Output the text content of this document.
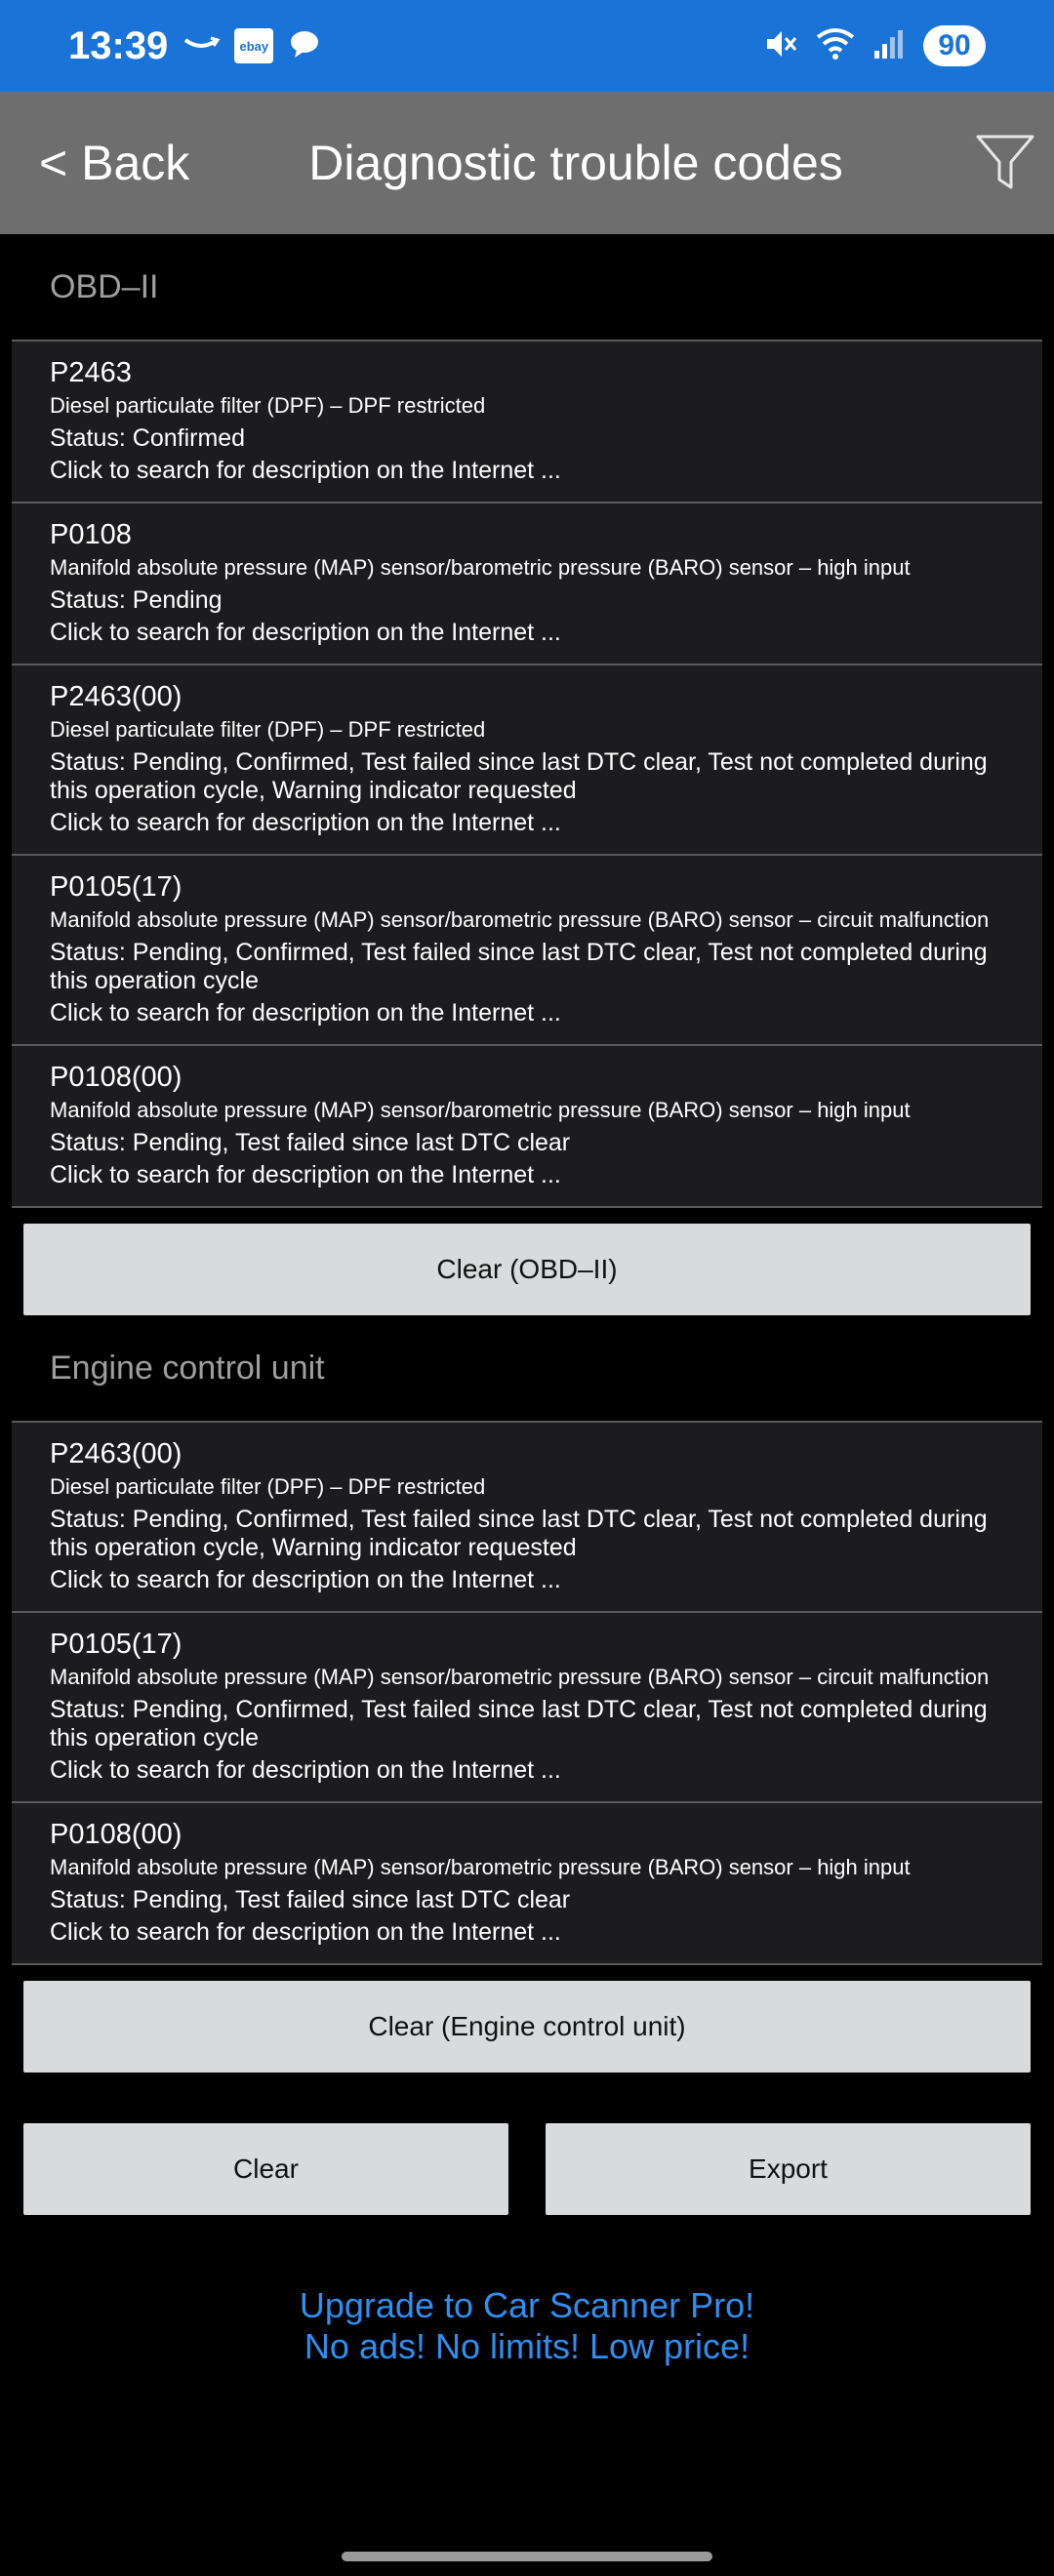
13:39	ebay	90
< Back	Diagnostic trouble codes
OBD–II
P2463
Diesel particulate filter (DPF) – DPF restricted
Status: Confirmed
Click to search for description on the Internet ...
P0108
Manifold absolute pressure (MAP) sensor/barometric pressure (BARO) sensor – high input
Status: Pending
Click to search for description on the Internet ...
P2463(00)
Diesel particulate filter (DPF) – DPF restricted
Status: Pending, Confirmed, Test failed since last DTC clear, Test not completed during this operation cycle, Warning indicator requested
Click to search for description on the Internet ...
P0105(17)
Manifold absolute pressure (MAP) sensor/barometric pressure (BARO) sensor – circuit malfunction
Status: Pending, Confirmed, Test failed since last DTC clear, Test not completed during this operation cycle
Click to search for description on the Internet ...
P0108(00)
Manifold absolute pressure (MAP) sensor/barometric pressure (BARO) sensor – high input
Status: Pending, Test failed since last DTC clear
Click to search for description on the Internet ...
Clear (OBD–II)
Engine control unit
P2463(00)
Diesel particulate filter (DPF) – DPF restricted
Status: Pending, Confirmed, Test failed since last DTC clear, Test not completed during this operation cycle, Warning indicator requested
Click to search for description on the Internet ...
P0105(17)
Manifold absolute pressure (MAP) sensor/barometric pressure (BARO) sensor – circuit malfunction
Status: Pending, Confirmed, Test failed since last DTC clear, Test not completed during this operation cycle
Click to search for description on the Internet ...
P0108(00)
Manifold absolute pressure (MAP) sensor/barometric pressure (BARO) sensor – high input
Status: Pending, Test failed since last DTC clear
Click to search for description on the Internet ...
Clear (Engine control unit)
Clear	Export
Upgrade to Car Scanner Pro!
No ads! No limits! Low price!
